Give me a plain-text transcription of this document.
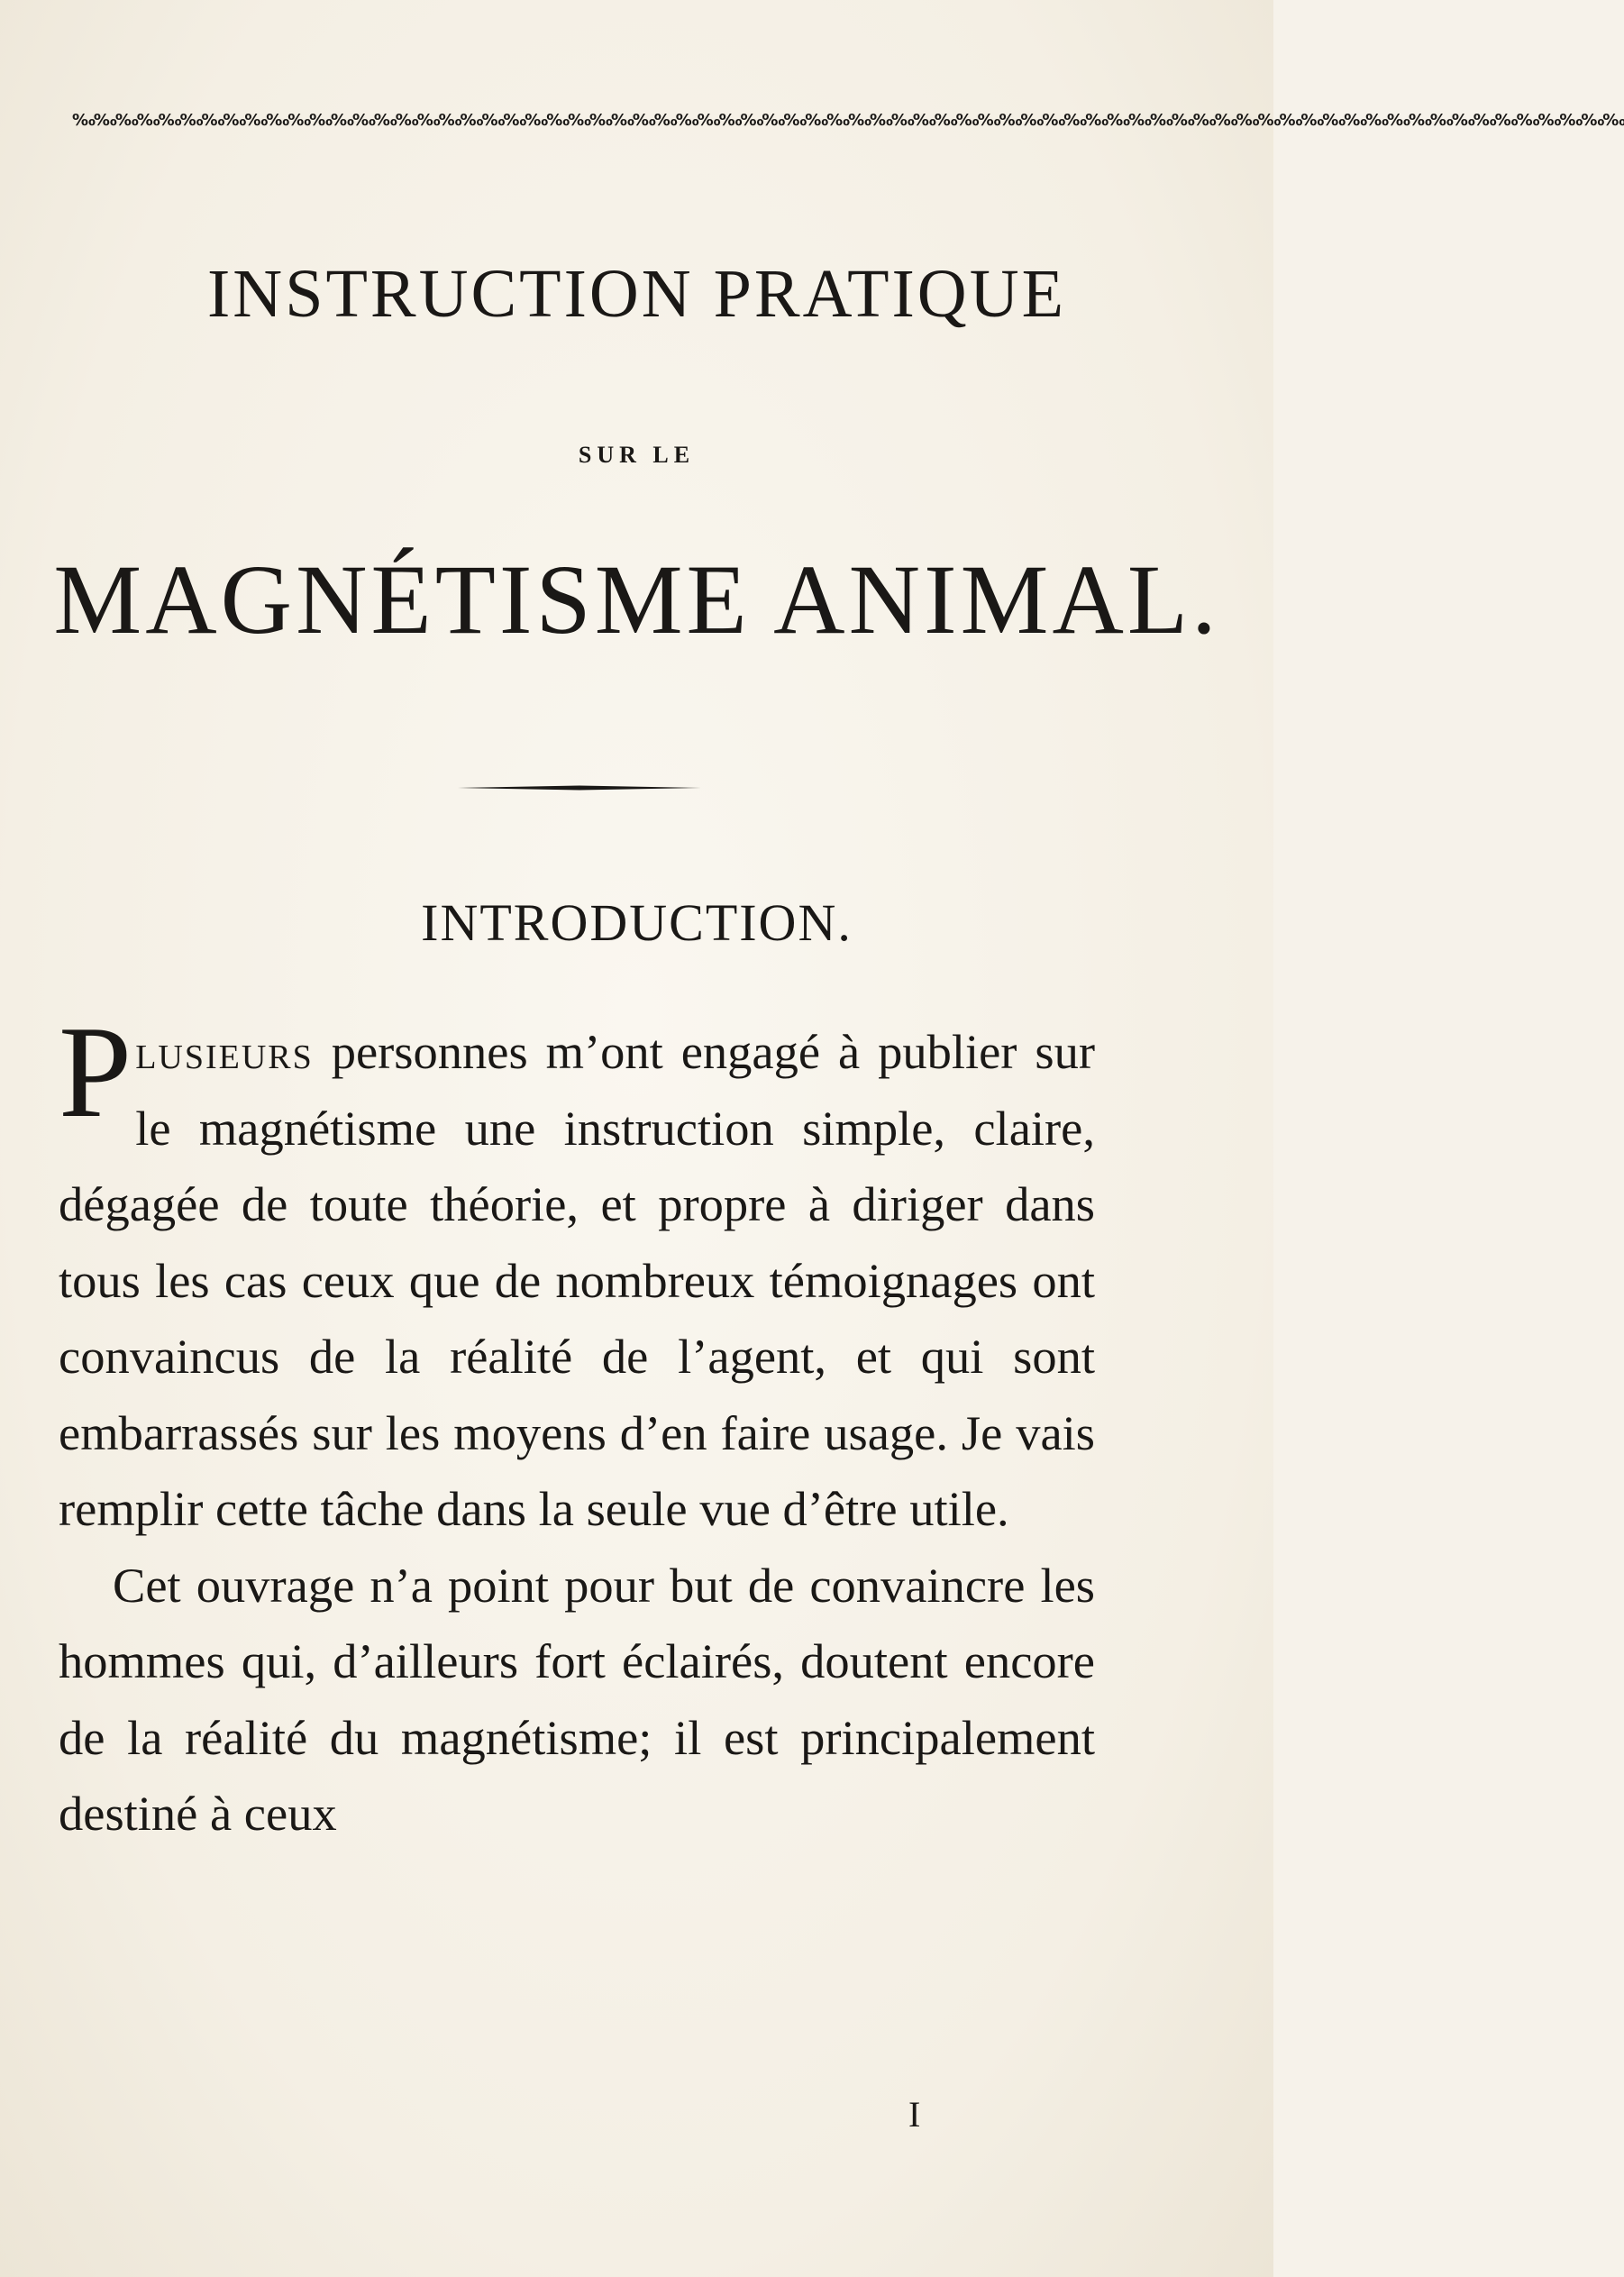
‰‰‰‰‰‰‰‰‰‰‰‰‰‰‰‰‰‰‰‰‰‰‰‰‰‰‰‰‰‰‰‰‰‰‰‰‰‰‰‰‰‰‰‰‰‰‰‰‰‰‰‰‰‰‰‰‰‰‰‰‰‰‰‰‰‰‰‰‰‰‰‰
INSTRUCTION PRATIQUE
SUR LE
MAGNÉTISME ANIMAL.
INTRODUCTION.

Plusieurs personnes m’ont engagé à publier sur le magnétisme une instruction simple, claire, dégagée de toute théorie, et propre à diriger dans tous les cas ceux que de nombreux témoignages ont convaincus de la réalité de l’agent, et qui sont embarrassés sur les moyens d’en faire usage. Je vais remplir cette tâche dans la seule vue d’être utile.

Cet ouvrage n’a point pour but de convaincre les hommes qui, d’ailleurs fort éclairés, doutent encore de la réalité du magnétisme; il est principalement destiné à ceux

I
